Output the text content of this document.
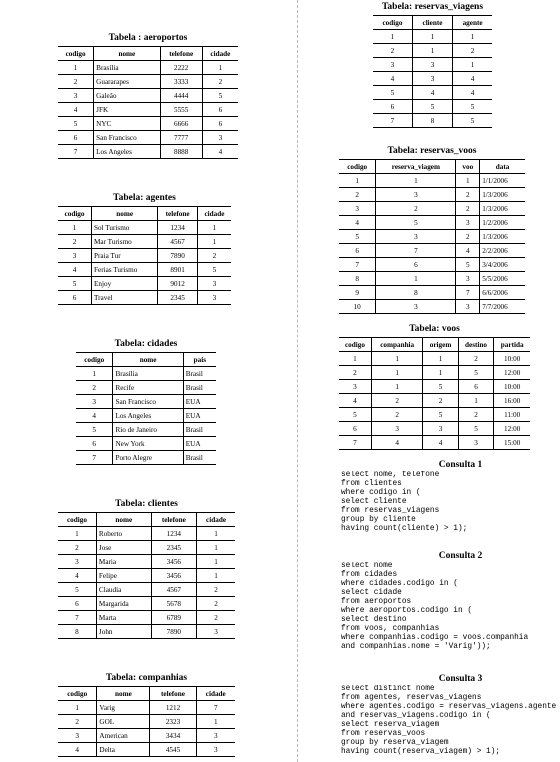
Tabela : aeroportos
codigo	nome	telefone	cidade
1	Brasília	2222	1
2	Guararapes	3333	2
3	Galeão	4444	5
4	JFK	5555	6
5	NYC	6666	6
6	San Francisco	7777	3
7	Los Angeles	8888	4
Tabela: agentes
codigo	nome	telefone	cidade
1	Sol Turismo	1234	1
2	Mar Turismo	4567	1
3	Praia Tur	7890	2
4	Ferias Turismo	8901	5
5	Enjoy	9012	3
6	Travel	2345	3
Tabela: cidades
codigo	nome	pais
1	Brasília	Brasil
2	Recife	Brasil
3	San Francisco	EUA
4	Los Angeles	EUA
5	Rio de Janeiro	Brasil
6	New York	EUA
7	Porto Alegre	Brasil
Tabela: clientes
codigo	nome	telefone	cidade
1	Roberto	1234	1
2	Jose	2345	1
3	Maria	3456	1
4	Felipe	3456	1
5	Claudia	4567	2
6	Margarida	5678	2
7	Marta	6789	2
8	John	7890	3
Tabela: companhias
codigo	nome	telefone	cidade
1	Varig	1212	7
2	GOL	2323	1
3	American	3434	3
4	Delta	4545	3
Tabela: reservas_viagens
codigo	cliente	agente
1	1	1
2	1	2
3	3	1
4	3	4
5	4	4
6	5	5
7	8	5
Tabela: reservas_voos
codigo	reserva_viagem	voo	data
1	1	1	1/1/2006
2	3	2	1/3/2006
3	2	2	1/3/2006
4	5	3	1/2/2006
5	3	2	1/3/2006
6	7	4	2/2/2006
7	6	5	3/4/2006
8	1	3	5/5/2006
9	8	7	6/6/2006
10	3	3	7/7/2006
Tabela: voos
codigo	companhia	origem	destino	partida
1	1	1	2	10:00
2	1	1	5	12:00
3	1	5	6	10:00
4	2	2	1	16:00
5	2	5	2	11:00
6	3	3	5	12:00
7	4	4	3	15:00
Consulta 1
select nome, telefone
from clientes
where codigo in (
select cliente
from reservas_viagens
group by cliente
having count(cliente) > 1);
Consulta 2
select nome
from cidades
where cidades.codigo in (
select cidade
from aeroportos
where aeroportos.codigo in (
select destino
from voos, companhias
where companhias.codigo = voos.companhia
and companhias.nome = 'Varig'));
Consulta 3
select distinct nome
from agentes, reservas_viagens
where agentes.codigo = reservas_viagens.agente
and reservas_viagens.codigo in (
select reserva_viagem
from reservas_voos
group by reserva_viagem
having count(reserva_viagem) > 1);
